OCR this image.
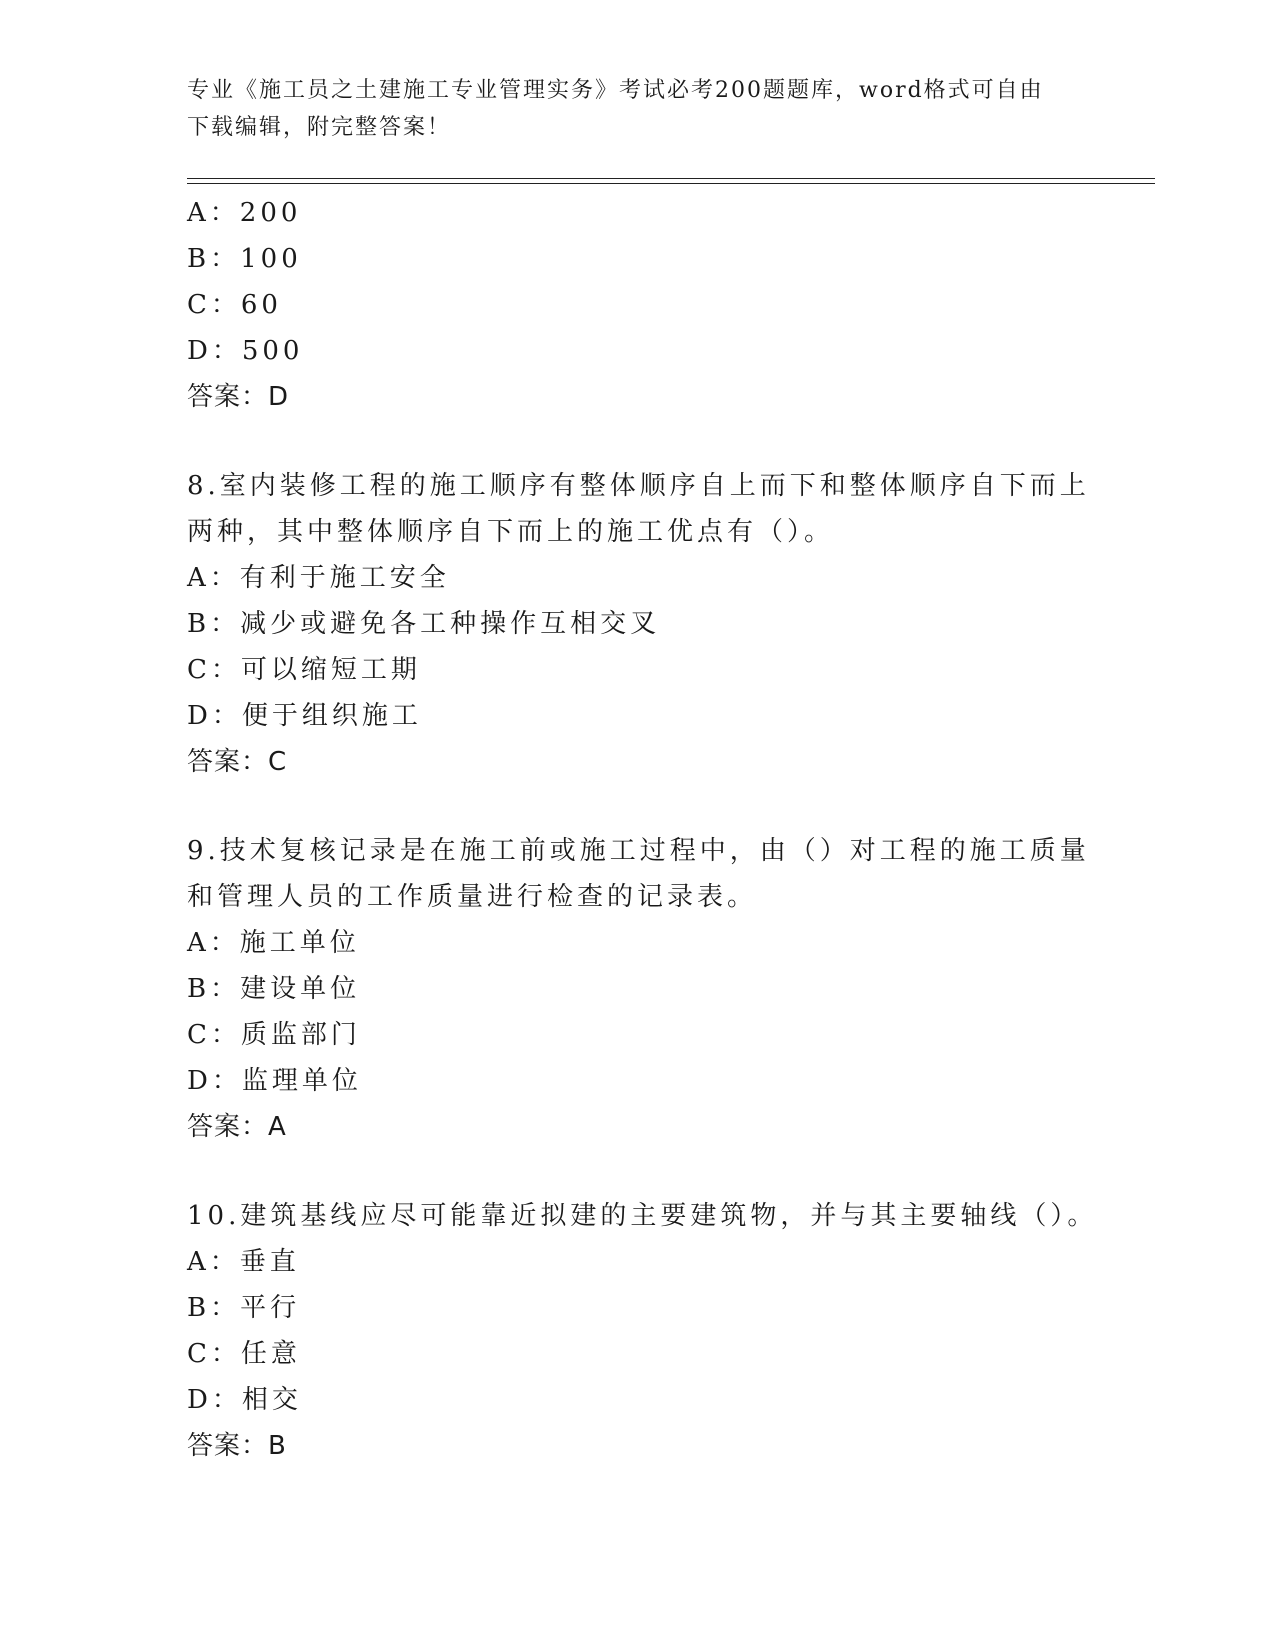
专业《施工员之土建施工专业管理实务》考试必考200题题库，word格式可自由
下载编辑，附完整答案！
A：200
B：100
C：60
D：500
答案：D
8.室内装修工程的施工顺序有整体顺序自上而下和整体顺序自下而上
两种，其中整体顺序自下而上的施工优点有（）。
A：有利于施工安全
B：减少或避免各工种操作互相交叉
C：可以缩短工期
D：便于组织施工
答案：C
9.技术复核记录是在施工前或施工过程中，由（）对工程的施工质量
和管理人员的工作质量进行检查的记录表。
A：施工单位
B：建设单位
C：质监部门
D：监理单位
答案：A
10.建筑基线应尽可能靠近拟建的主要建筑物，并与其主要轴线（）。
A：垂直
B：平行
C：任意
D：相交
答案：B
